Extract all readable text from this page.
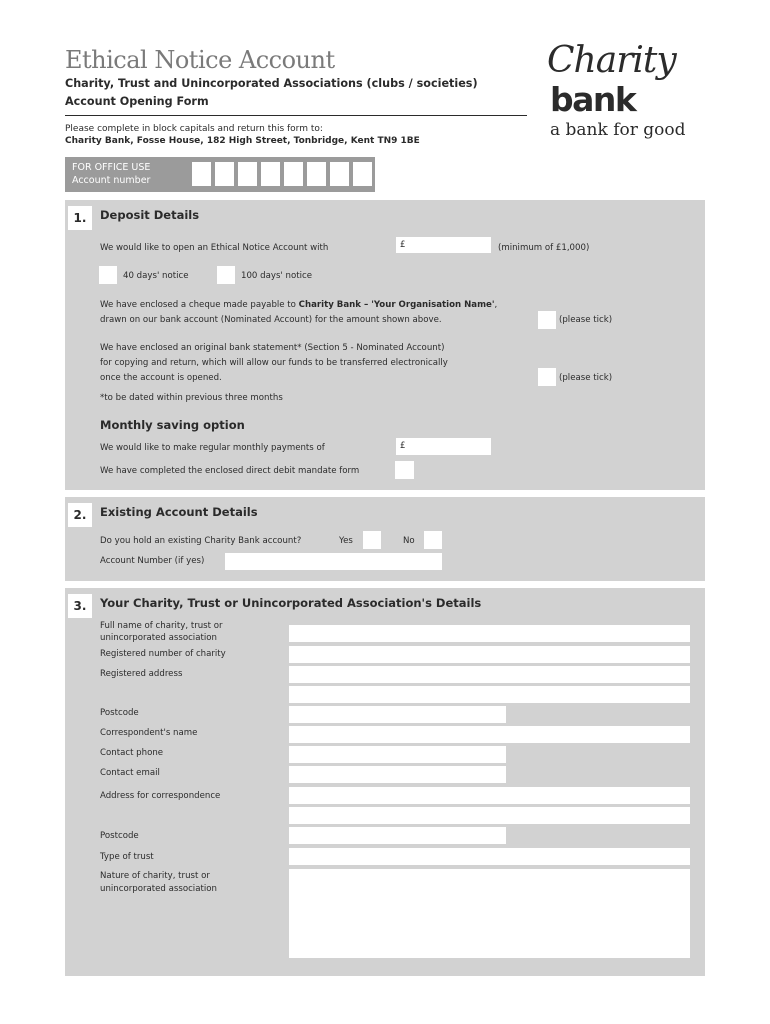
Ethical Notice Account
Charity, Trust and Unincorporated Associations (clubs / societies)
Account Opening Form
Please complete in block capitals and return this form to:
Charity Bank, Fosse House, 182 High Street, Tonbridge, Kent TN9 1BE
Charity
bank
a bank for good
FOR OFFICE USE
Account number
1.	Deposit Details
We would like to open an Ethical Notice Account with	£	(minimum of £1,000)
40 days' notice	100 days' notice
We have enclosed a cheque made payable to Charity Bank – 'Your Organisation Name',
drawn on our bank account (Nominated Account) for the amount shown above.	(please tick)
We have enclosed an original bank statement* (Section 5 - Nominated Account)
for copying and return, which will allow our funds to be transferred electronically
once the account is opened.	(please tick)
*to be dated within previous three months
Monthly saving option
We would like to make regular monthly payments of	£
We have completed the enclosed direct debit mandate form
2.	Existing Account Details
Do you hold an existing Charity Bank account?	Yes	No
Account Number (if yes)
3.	Your Charity, Trust or Unincorporated Association's Details
Full name of charity, trust or
unincorporated association
Registered number of charity
Registered address
Postcode
Correspondent's name
Contact phone
Contact email
Address for correspondence
Postcode
Type of trust
Nature of charity, trust or
unincorporated association
